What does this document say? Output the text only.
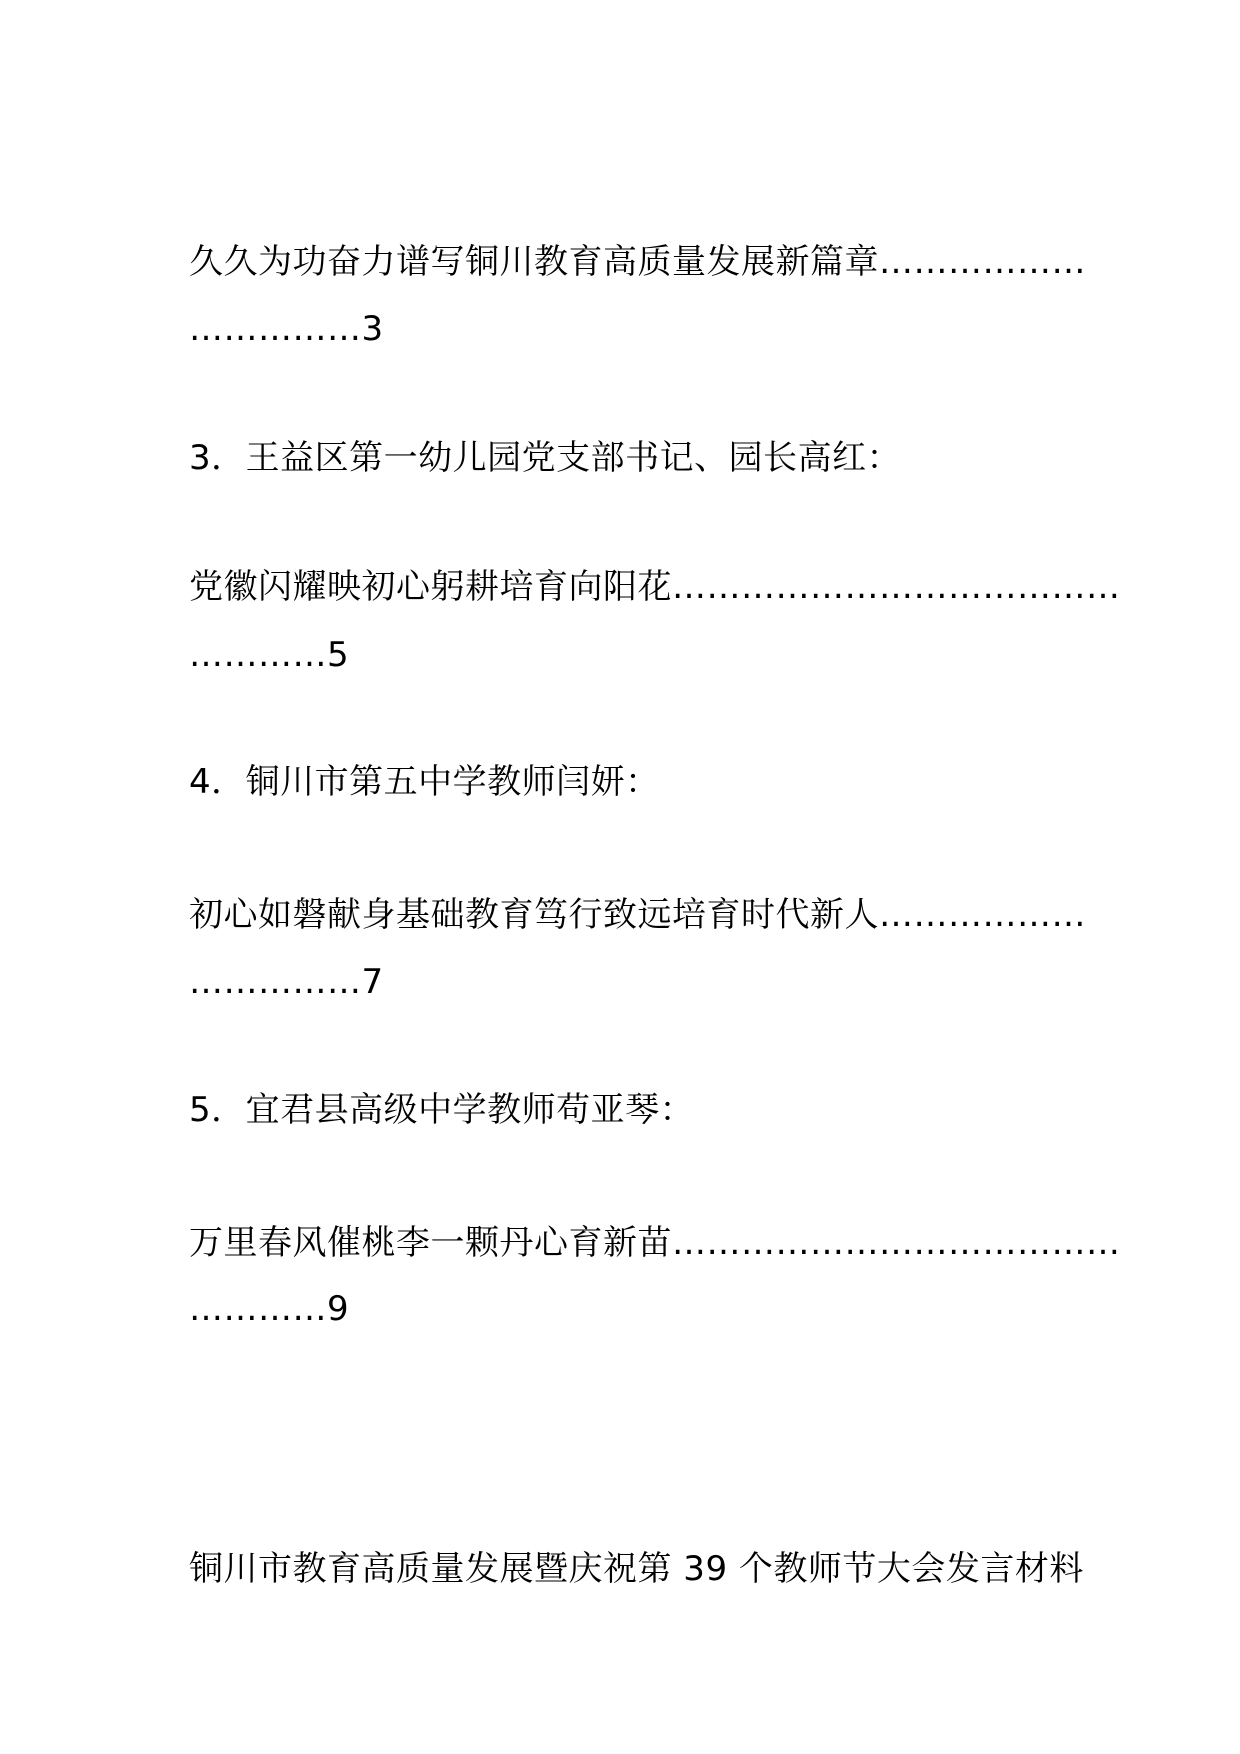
久久为功奋力谱写铜川教育高质量发展新篇章………………
……………3
3．王益区第一幼儿园党支部书记、园长高红：
党徽闪耀映初心躬耕培育向阳花…………………………………
…………5
4．铜川市第五中学教师闫妍：
初心如磐献身基础教育笃行致远培育时代新人………………
……………7
5．宜君县高级中学教师苟亚琴：
万里春风催桃李一颗丹心育新苗…………………………………
…………9
铜川市教育高质量发展暨庆祝第 39 个教师节大会发言材料
